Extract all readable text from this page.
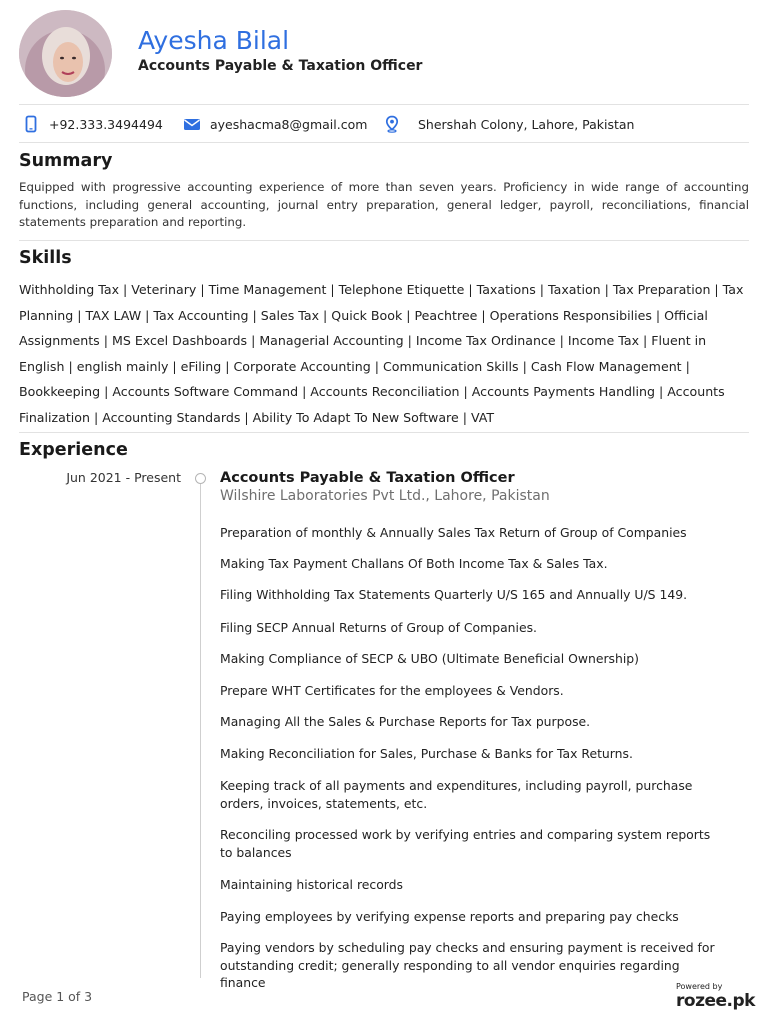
Ayesha Bilal
Accounts Payable & Taxation Officer
+92.333.3494494	ayeshacma8@gmail.com	Shershah Colony, Lahore, Pakistan
Summary
Equipped with progressive accounting experience of more than seven years. Proficiency in wide range of accounting functions, including general accounting, journal entry preparation, general ledger, payroll, reconciliations, financial statements preparation and reporting.
Skills
Withholding Tax | Veterinary | Time Management | Telephone Etiquette | Taxations | Taxation | Tax Preparation | Tax Planning | TAX LAW | Tax Accounting | Sales Tax | Quick Book | Peachtree | Operations Responsibilies | Official Assignments | MS Excel Dashboards | Managerial Accounting | Income Tax Ordinance | Income Tax | Fluent in English | english mainly | eFiling | Corporate Accounting | Communication Skills | Cash Flow Management | Bookkeeping | Accounts Software Command | Accounts Reconciliation | Accounts Payments Handling | Accounts Finalization | Accounting Standards | Ability To Adapt To New Software | VAT
Experience
Jun 2021 - Present	Accounts Payable & Taxation Officer
Wilshire Laboratories Pvt Ltd., Lahore, Pakistan
Preparation of monthly & Annually Sales Tax Return of Group of Companies
Making Tax Payment Challans Of Both Income Tax & Sales Tax.
Filing Withholding Tax Statements Quarterly U/S 165 and Annually U/S 149.
Filing SECP Annual Returns of Group of Companies.
Making Compliance of SECP & UBO (Ultimate Beneficial Ownership)
Prepare WHT Certificates for the employees & Vendors.
Managing All the Sales & Purchase Reports for Tax purpose.
Making Reconciliation for Sales, Purchase & Banks for Tax Returns.
Keeping track of all payments and expenditures, including payroll, purchase orders, invoices, statements, etc.
Reconciling processed work by verifying entries and comparing system reports to balances
Maintaining historical records
Paying employees by verifying expense reports and preparing pay checks
Paying vendors by scheduling pay checks and ensuring payment is received for outstanding credit; generally responding to all vendor enquiries regarding finance
Page 1 of 3
Powered by
rozee.pk
